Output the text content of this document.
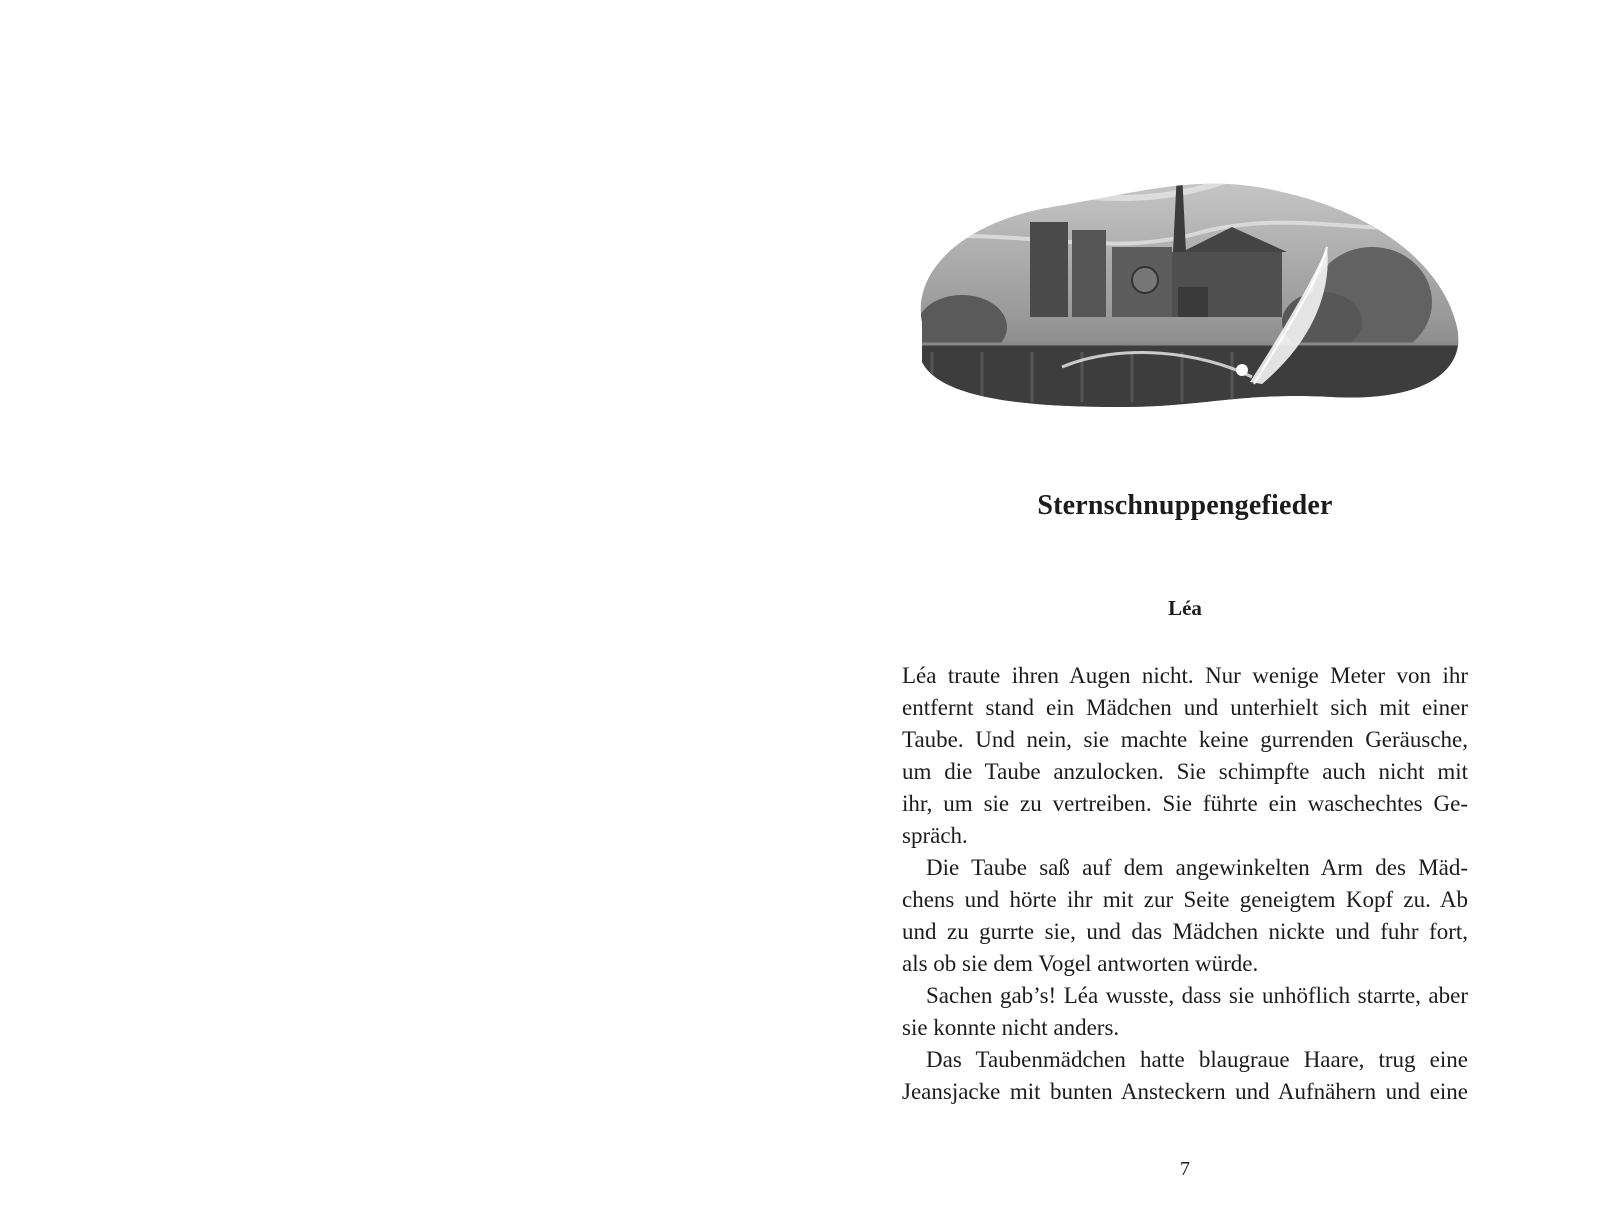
Sternschnuppengefieder
Léa

Léa traute ihren Augen nicht. Nur wenige Meter von ihr

entfernt stand ein Mädchen und unterhielt sich mit einer

Taube. Und nein, sie machte keine gurrenden Geräusche,

um die Taube anzulocken. Sie schimpfte auch nicht mit

ihr, um sie zu vertreiben. Sie führte ein waschechtes Ge-

spräch.

Die Taube saß auf dem angewinkelten Arm des Mäd-

chens und hörte ihr mit zur Seite geneigtem Kopf zu. Ab

und zu gurrte sie, und das Mädchen nickte und fuhr fort,

als ob sie dem Vogel antworten würde.

Sachen gab’s! Léa wusste, dass sie unhöflich starrte, aber

sie konnte nicht anders.

Das Taubenmädchen hatte blaugraue Haare, trug eine

Jeansjacke mit bunten Ansteckern und Aufnähern und eine

7
